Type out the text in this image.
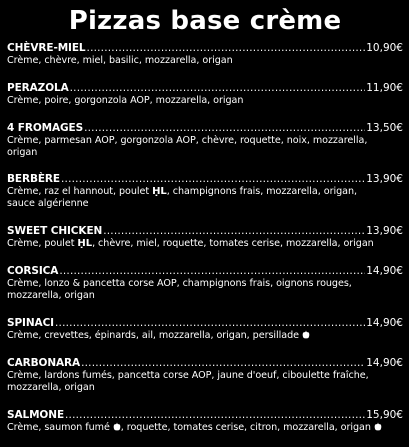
Pizzas base crème
CHÈVRE-MIEL .....	10,90€

Crème, chèvre, miel, basilic, mozzarella, origan

PERAZOLA .....	11,90€

Crème, poire, gorgonzola AOP, mozzarella, origan

4 FROMAGES .....	13,50€

Crème, parmesan AOP, gorgonzola AOP, chèvre, roquette, noix, mozzarella,

origan

BERBÈRE .....	13,90€

Crème, raz el hannout, poulet ḤL, champignons frais, mozzarella, origan,

sauce algérienne

SWEET CHICKEN .....	13,90€

Crème, poulet ḤL, chèvre, miel, roquette, tomates cerise, mozzarella, origan

CORSICA .....	14,90€

Crème, lonzo & pancetta corse AOP, champignons frais, oignons rouges,

mozzarella, origan

SPINACI .....	14,90€

Crème, crevettes, épinards, ail, mozzarella, origan, persillade

CARBONARA .....	14,90€

Crème, lardons fumés, pancetta corse AOP, jaune d'oeuf, ciboulette fraîche,

mozzarella, origan

SALMONE .....	15,90€

Crème, saumon fumé , roquette, tomates cerise, citron, mozzarella, origan
